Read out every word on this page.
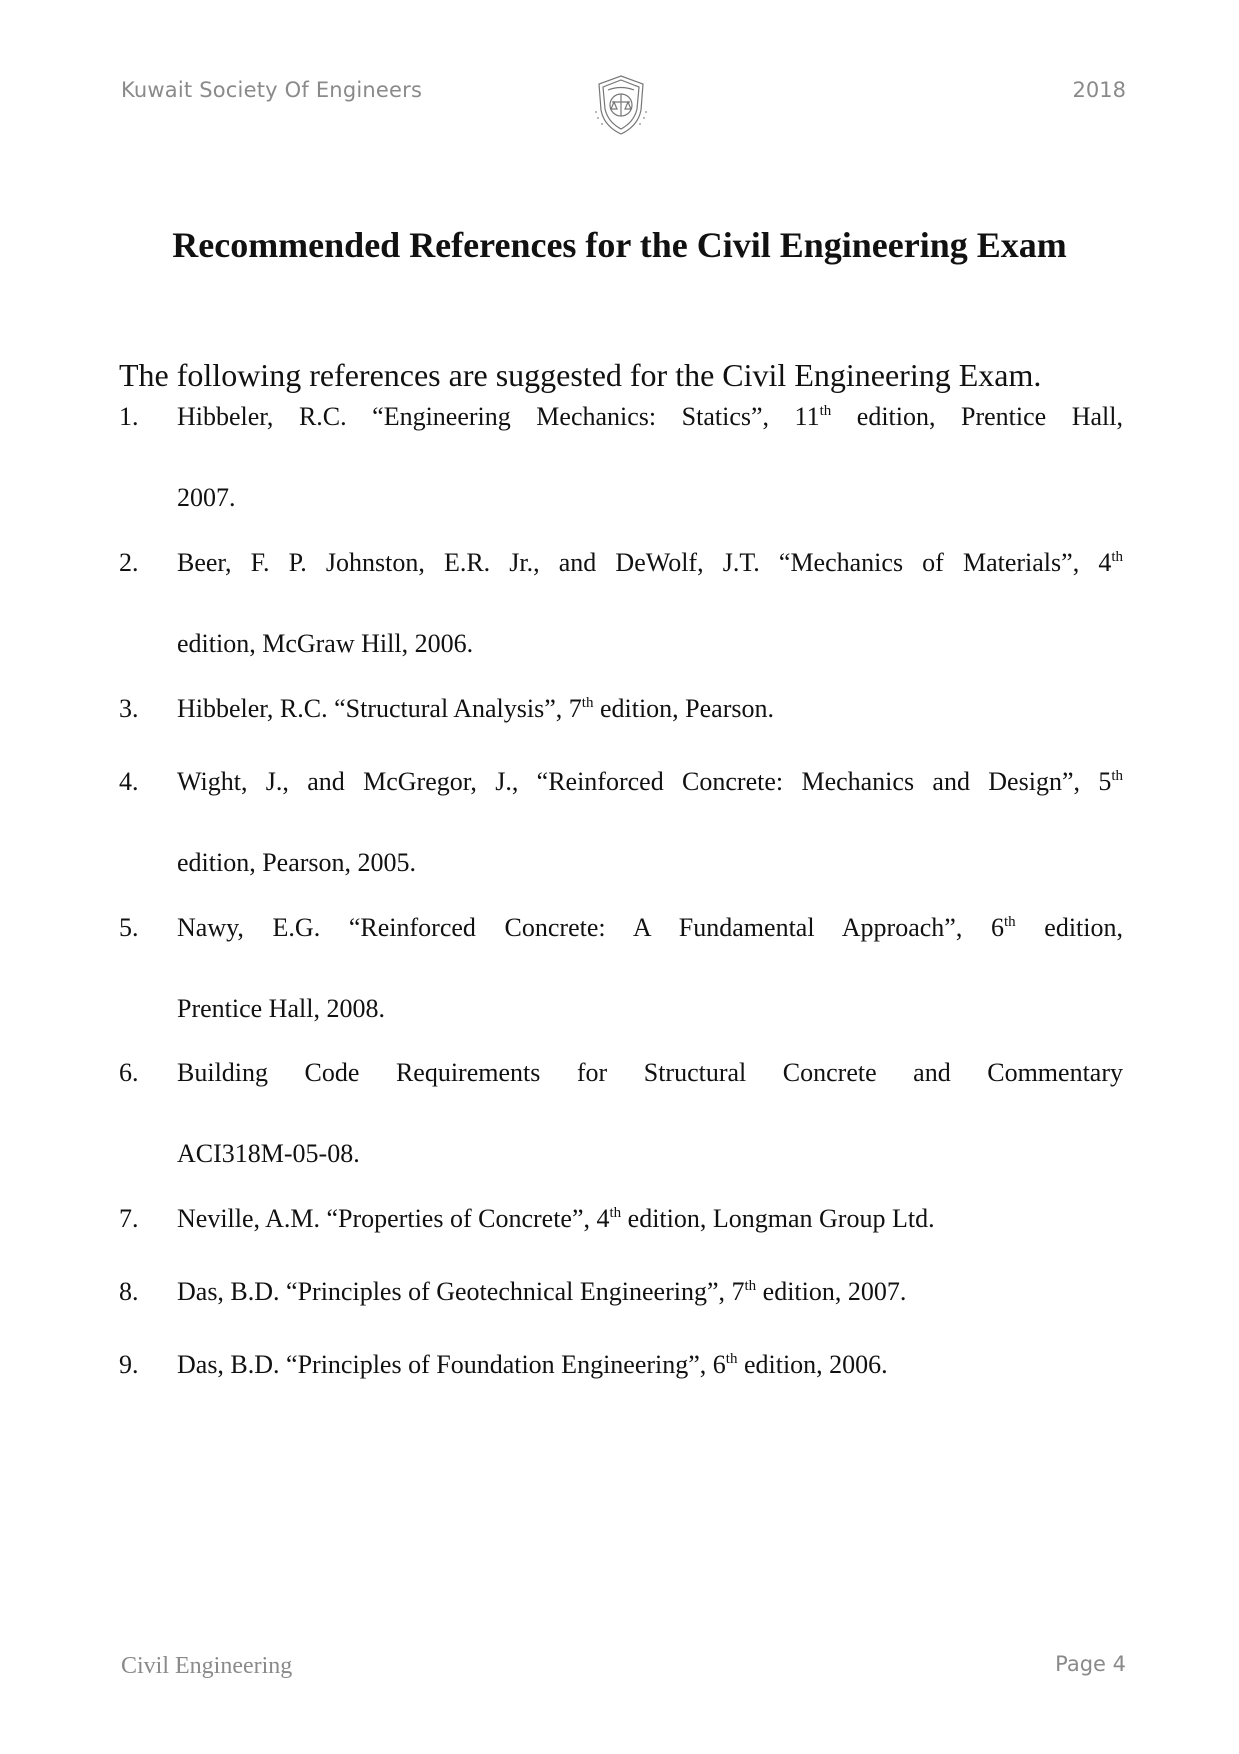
Kuwait Society Of Engineers	2018
Recommended References for the Civil Engineering Exam
The following references are suggested for the Civil Engineering Exam.
1.	Hibbeler, R.C. “Engineering Mechanics: Statics”, 11th edition, Prentice Hall,
2007.
2.	Beer, F. P. Johnston, E.R. Jr., and DeWolf, J.T. “Mechanics of Materials”, 4th
edition, McGraw Hill, 2006.
3.	Hibbeler, R.C. “Structural Analysis”, 7th edition, Pearson.
4.	Wight, J., and McGregor, J., “Reinforced Concrete: Mechanics and Design”, 5th
edition, Pearson, 2005.
5.	Nawy, E.G. “Reinforced Concrete: A Fundamental Approach”, 6th edition,
Prentice Hall, 2008.
6.	Building Code Requirements for Structural Concrete and Commentary
ACI318M-05-08.
7.	Neville, A.M. “Properties of Concrete”, 4th edition, Longman Group Ltd.
8.	Das, B.D. “Principles of Geotechnical Engineering”, 7th edition, 2007.
9.	Das, B.D. “Principles of Foundation Engineering”, 6th edition, 2006.
Civil Engineering	Page 4
